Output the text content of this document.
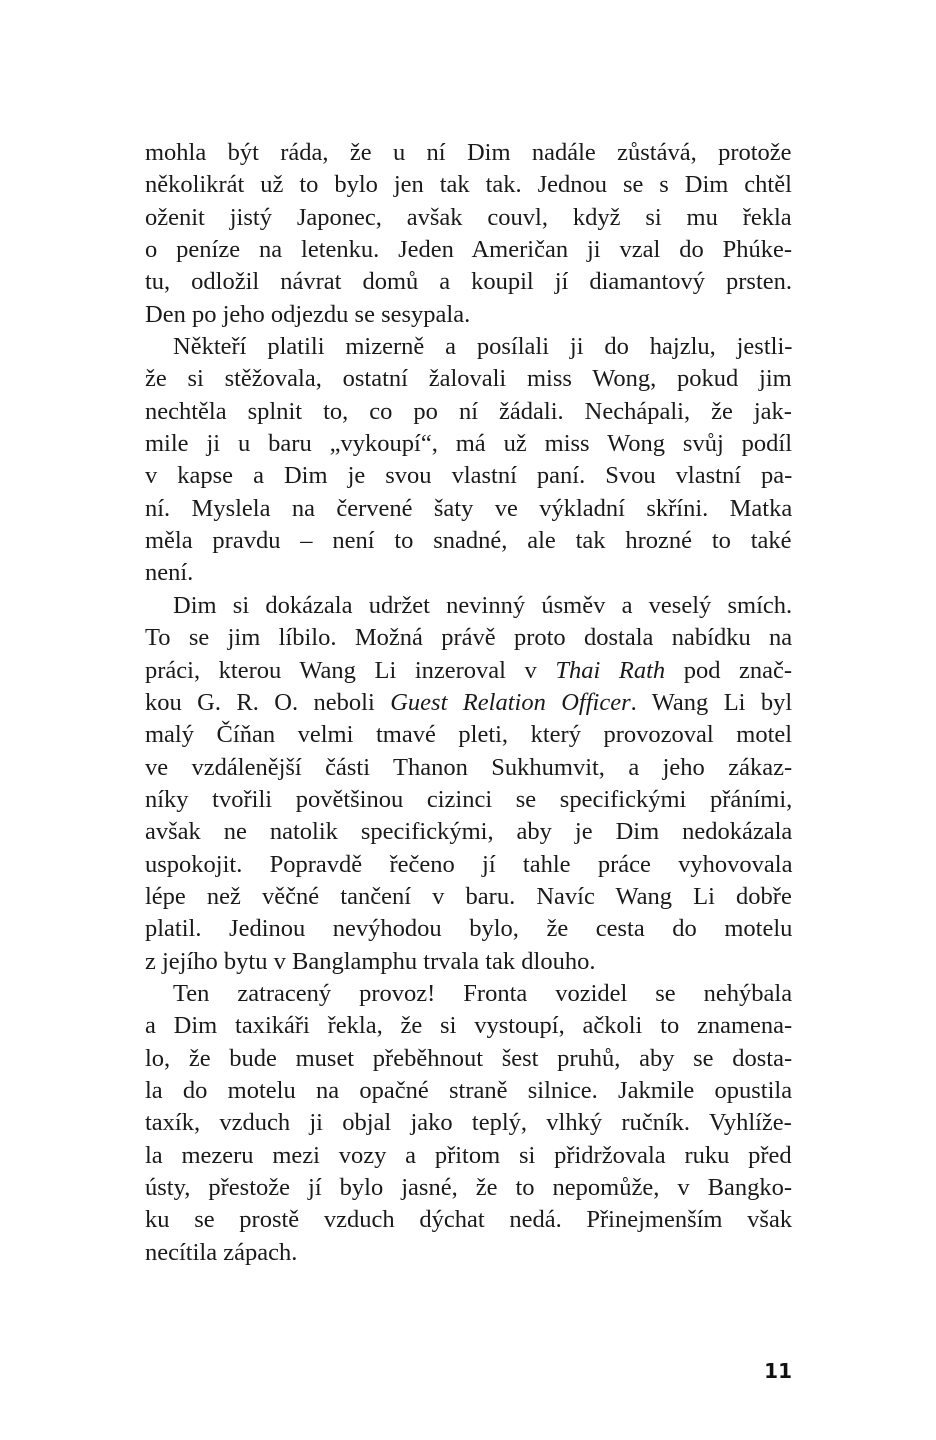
mohla být ráda, že u ní Dim nadále zůstává, protože
několikrát už to bylo jen tak tak. Jednou se s Dim chtěl
oženit jistý Japonec, avšak couvl, když si mu řekla
o peníze na letenku. Jeden Američan ji vzal do Phúke-
tu, odložil návrat domů a koupil jí diamantový prsten.
Den po jeho odjezdu se sesypala.
Někteří platili mizerně a posílali ji do hajzlu, jestli-
že si stěžovala, ostatní žalovali miss Wong, pokud jim
nechtěla splnit to, co po ní žádali. Nechápali, že jak-
mile ji u baru „vykoupí“, má už miss Wong svůj podíl
v kapse a Dim je svou vlastní paní. Svou vlastní pa-
ní. Myslela na červené šaty ve výkladní skříni. Matka
měla pravdu – není to snadné, ale tak hrozné to také
není.
Dim si dokázala udržet nevinný úsměv a veselý smích.
To se jim líbilo. Možná právě proto dostala nabídku na
práci, kterou Wang Li inzeroval v Thai Rath pod znač-
kou G. R. O. neboli Guest Relation Officer. Wang Li byl
malý Číňan velmi tmavé pleti, který provozoval motel
ve vzdálenější části Thanon Sukhumvit, a jeho zákaz-
níky tvořili povětšinou cizinci se specifickými přáními,
avšak ne natolik specifickými, aby je Dim nedokázala
uspokojit. Popravdě řečeno jí tahle práce vyhovovala
lépe než věčné tančení v baru. Navíc Wang Li dobře
platil. Jedinou nevýhodou bylo, že cesta do motelu
z jejího bytu v Banglamphu trvala tak dlouho.
Ten zatracený provoz! Fronta vozidel se nehýbala
a Dim taxikáři řekla, že si vystoupí, ačkoli to znamena-
lo, že bude muset přeběhnout šest pruhů, aby se dosta-
la do motelu na opačné straně silnice. Jakmile opustila
taxík, vzduch ji objal jako teplý, vlhký ručník. Vyhlíže-
la mezeru mezi vozy a přitom si přidržovala ruku před
ústy, přestože jí bylo jasné, že to nepomůže, v Bangko-
ku se prostě vzduch dýchat nedá. Přinejmenším však
necítila zápach.
11
